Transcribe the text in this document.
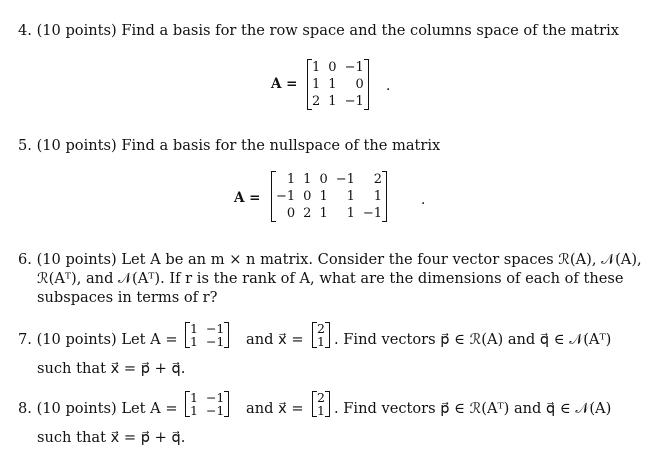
4. (10 points) Find a basis for the row space and the columns space of the matrix
A =
1	0	−1
1	1	0
2	1	−1
.
5. (10 points) Find a basis for the nullspace of the matrix
A =
1	1	0	−1	2
−1	0	1	1	1
0	2	1	1	−1
.
6. (10 points) Let A be an m × n matrix. Consider the four vector spaces ℛ(A), 𝒩(A),
ℛ(Aᵀ), and 𝒩(Aᵀ). If r is the rank of A, what are the dimensions of each of these
subspaces in terms of r?
7. (10 points) Let A =
1	−1
1	−1 and x⃗ =
2
1 . Find vectors p⃗ ∈ ℛ(A) and q⃗ ∈ 𝒩(Aᵀ)
such that x⃗ = p⃗ + q⃗.
8. (10 points) Let A =
1	−1
1	−1 and x⃗ =
2
1 . Find vectors p⃗ ∈ ℛ(Aᵀ) and q⃗ ∈ 𝒩(A)
such that x⃗ = p⃗ + q⃗.
